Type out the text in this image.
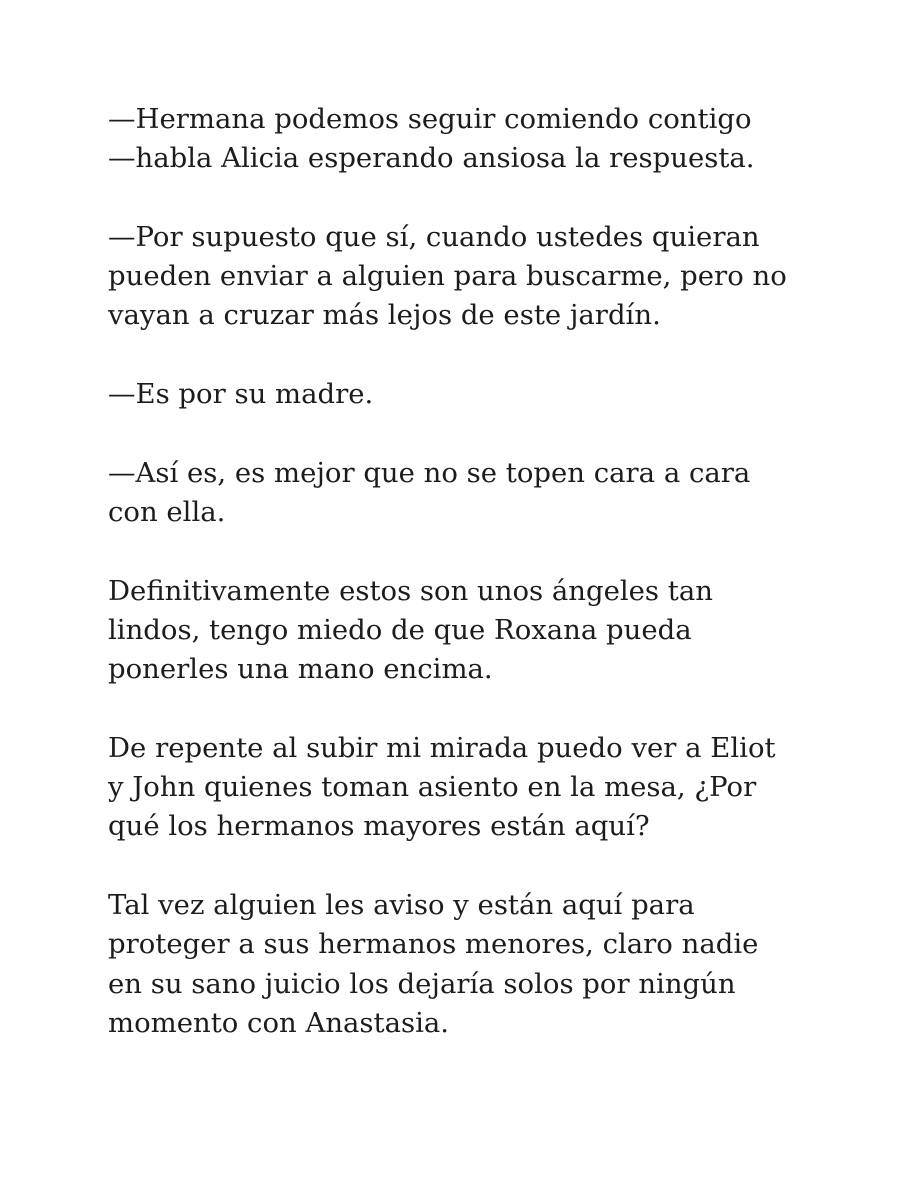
—Hermana podemos seguir comiendo contigo
—habla Alicia esperando ansiosa la respuesta.

—Por supuesto que sí, cuando ustedes quieran
pueden enviar a alguien para buscarme, pero no
vayan a cruzar más lejos de este jardín.

—Es por su madre.

—Así es, es mejor que no se topen cara a cara
con ella.

Definitivamente estos son unos ángeles tan
lindos, tengo miedo de que Roxana pueda
ponerles una mano encima.

De repente al subir mi mirada puedo ver a Eliot
y John quienes toman asiento en la mesa, ¿Por
qué los hermanos mayores están aquí?

Tal vez alguien les aviso y están aquí para
proteger a sus hermanos menores, claro nadie
en su sano juicio los dejaría solos por ningún
momento con Anastasia.
